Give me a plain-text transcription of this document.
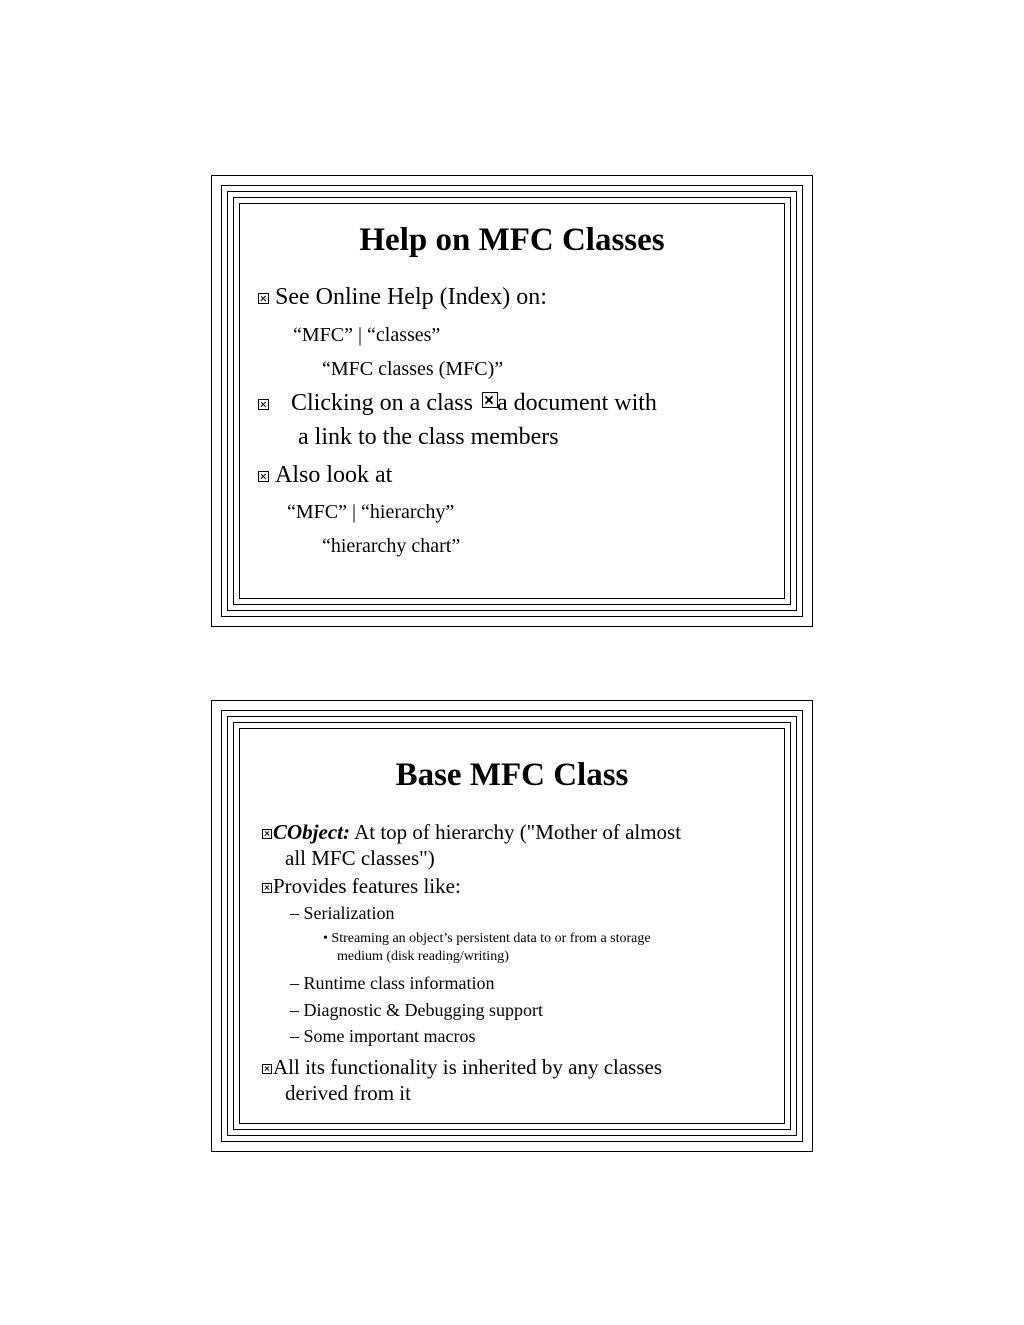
Help on MFC Classes
See Online Help (Index) on:
“MFC” | “classes”
“MFC classes (MFC)”
Clicking on a class a document with
a link to the class members
Also look at
“MFC” | “hierarchy”
“hierarchy chart”
Base MFC Class
CObject: At top of hierarchy ("Mother of almost
all MFC classes")
Provides features like:
– Serialization
• Streaming an object’s persistent data to or from a storage
medium (disk reading/writing)
– Runtime class information
– Diagnostic & Debugging support
– Some important macros
All its functionality is inherited by any classes
derived from it
